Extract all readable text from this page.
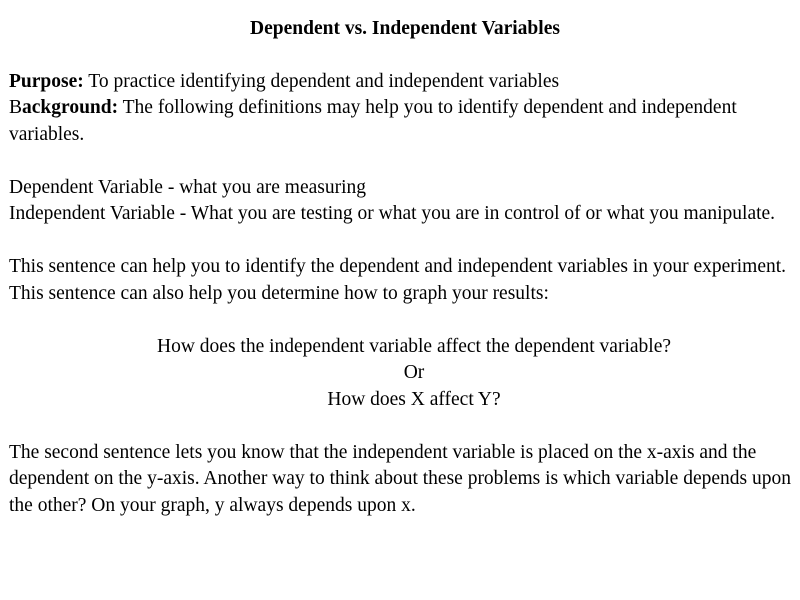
Dependent vs. Independent Variables

Purpose: To practice identifying dependent and independent variables

Background: The following definitions may help you to identify dependent and independent variables.

Dependent Variable - what you are measuring

Independent Variable - What you are testing or what you are in control of or what you manipulate.

This sentence can help you to identify the dependent and independent variables in your experiment. This sentence can also help you determine how to graph your results:

How does the independent variable affect the dependent variable?

Or

How does X affect Y?

The second sentence lets you know that the independent variable is placed on the x-axis and the dependent on the y-axis. Another way to think about these problems is which variable depends upon the other? On your graph, y always depends upon x.
